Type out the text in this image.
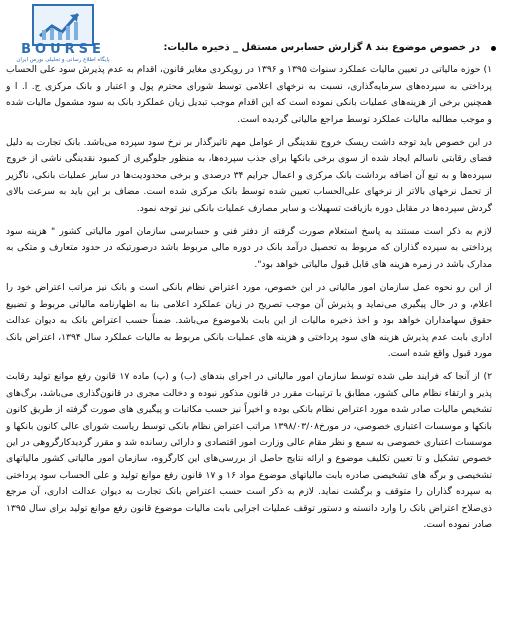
BOURSE
پایگاه اطلاع رسانی و تحلیلی بورس ایران
در خصوص موضوع بند ۸ گزارش حسابرس مستقل _ ذخیره مالیات:

۱) حوزه مالیاتی در تعیین مالیات عملکرد سنوات ۱۳۹۵ و ۱۳۹۶ در رویکردی مغایر قانون، اقدام به عدم پذیرش سود علی الحساب پرداختی به سپرده‌های سرمایه‌گذاری، نسبت به نرخهای اعلامی توسط شورای محترم پول و اعتبار و بانک مرکزی ج. ا. ا و همچنین برخی از هزینه‌های عملیات بانکی نموده است که این اقدام موجب تبدیل زیان عملکرد بانک به سود مشمول مالیات شده و موجب مطالبه مالیات عملکرد توسط مراجع مالیاتی گردیده است.

در این خصوص باید توجه داشت ریسک خروج نقدینگی از عوامل مهم تاثیرگذار بر نرخ سود سپرده می‌باشد. بانک تجارت به دلیل فضای رقابتی ناسالم ایجاد شده از سوی برخی بانکها برای جذب سپرده‌ها، به منظور جلوگیری از کمبود نقدینگی ناشی از خروج سپرده‌ها و به تبع آن اضافه برداشت بانک مرکزی و اعمال جرایم ۳۴ درصدی و برخی محدودیت‌ها در سایر عملیات بانکی، ناگزیر از تحمل نرخهای بالاتر از نرخهای علی‌الحساب تعیین شده توسط بانک مرکزی شده است. مضاف بر این باید به سرعت بالای گردش سپرده‌ها در مقابل دوره بازیافت تسهیلات و سایر مصارف عملیات بانکی نیز توجه نمود.

لازم به ذکر است مستند به پاسخ استعلام صورت گرفته از دفتر فنی و حسابرسی سازمان امور مالیاتی کشور " هزینه سود پرداختی به سپرده گذاران که مربوط به تحصیل درآمد بانک در دوره مالی مربوط باشد درصورتیکه در حدود متعارف و متکی به مدارک باشد در زمره هزینه های قابل قبول مالیاتی خواهد بود".

از این رو نحوه عمل سازمان امور مالیاتی در این خصوص، مورد اعتراض نظام بانکی است و بانک نیز مراتب اعتراض خود را اعلام، و در حال پیگیری می‌نماید و پذیرش آن موجب تصریح در زیان عملکرد اعلامی بنا به اظهارنامه مالیاتی مربوط و تضییع حقوق سهامداران خواهد بود و اخذ ذخیره مالیات از این بابت بلاموضوع می‌باشد. ضمناً حسب اعتراض بانک به دیوان عدالت اداری بابت عدم پذیرش هزینه های سود پرداختی و هزینه های عملیات بانکی مربوط به مالیات عملکرد سال ۱۳۹۴، اعتراض بانک مورد قبول واقع شده است.

۲) از آنجا که فرایند طی شده توسط سازمان امور مالیاتی در اجرای بندهای (ب) و (پ) ماده ۱۷ قانون رفع موانع تولید رقابت پذیر و ارتقاء نظام مالی کشور، مطابق با ترتیبات مقرر در قانون مذکور نبوده و دخالت مجری در قانون‌گذاری می‌باشد، برگ‌های تشخیص مالیات صادر شده مورد اعتراض نظام بانکی بوده و اخیراً نیز حسب مکاتبات و پیگیری های صورت گرفته از طریق کانون بانکها و موسسات اعتباری خصوصی، در مورخ۱۳۹۸/۰۳/۰۸ مراتب اعتراض نظام بانکی توسط ریاست شورای عالی کانون بانکها و موسسات اعتباری خصوصی به سمع و نظر مقام عالی وزارت امور اقتصادی و دارائی رسانده شد و مقرر گردیدکارگروهی در این خصوص تشکیل و تا تعیین تکلیف موضوع و ارائه نتایج حاصل از بررسی‌های این کارگروه، سازمان امور مالیاتی کشور مالیاتهای تشخیصی و برگه های تشخیصی صادره بابت مالیاتهای موضوع مواد ۱۶ و ۱۷ قانون رفع موانع تولید و علی الحساب سود پرداختی به سپرده گذاران را متوقف و برگشت نماید. لازم به ذکر است حسب اعتراض بانک تجارت به دیوان عدالت اداری، آن مرجع ذی‌صلاح اعتراض بانک را وارد دانسته و دستور توقف عملیات اجرایی بابت مالیات موضوع قانون رفع موانع تولید برای سال ۱۳۹۵ صادر نموده است.
